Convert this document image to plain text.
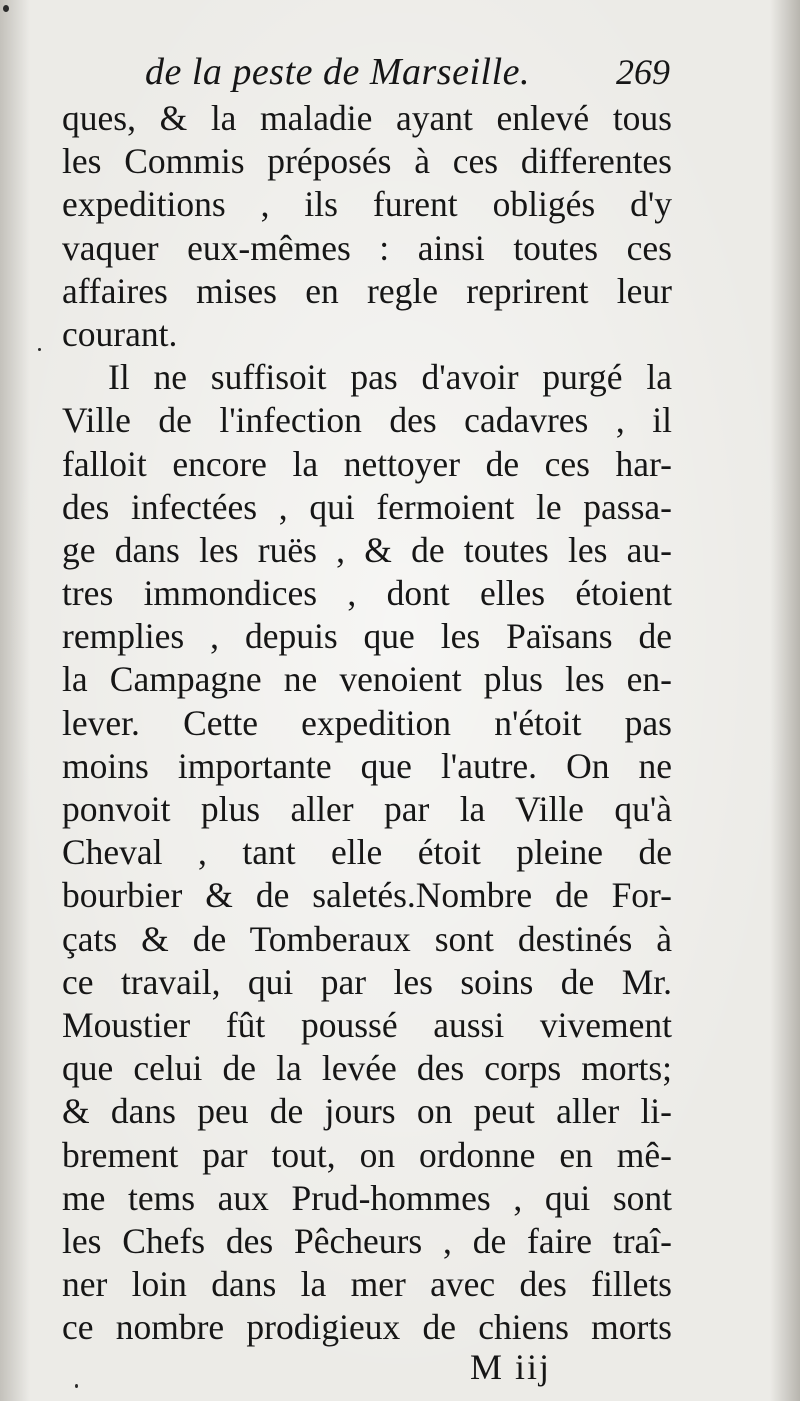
de la peste de Marseille. 269
ques, & la maladie ayant enlevé tous
les Commis préposés à ces differentes
expeditions , ils furent obligés d'y
vaquer eux-mêmes : ainsi toutes ces
affaires mises en regle reprirent leur
courant.
Il ne suffisoit pas d'avoir purgé la
Ville de l'infection des cadavres , il
falloit encore la nettoyer de ces har-
des infectées , qui fermoient le passa-
ge dans les ruës , & de toutes les au-
tres immondices , dont elles étoient
remplies , depuis que les Païsans de
la Campagne ne venoient plus les en-
lever. Cette expedition n'étoit pas
moins importante que l'autre. On ne
ponvoit plus aller par la Ville qu'à
Cheval , tant elle étoit pleine de
bourbier & de saletés.Nombre de For-
çats & de Tomberaux sont destinés à
ce travail, qui par les soins de Mr.
Moustier fût poussé aussi vivement
que celui de la levée des corps morts;
& dans peu de jours on peut aller li-
brement par tout, on ordonne en mê-
me tems aux Prud-hommes , qui sont
les Chefs des Pêcheurs , de faire traî-
ner loin dans la mer avec des fillets
ce nombre prodigieux de chiens morts
M iij
